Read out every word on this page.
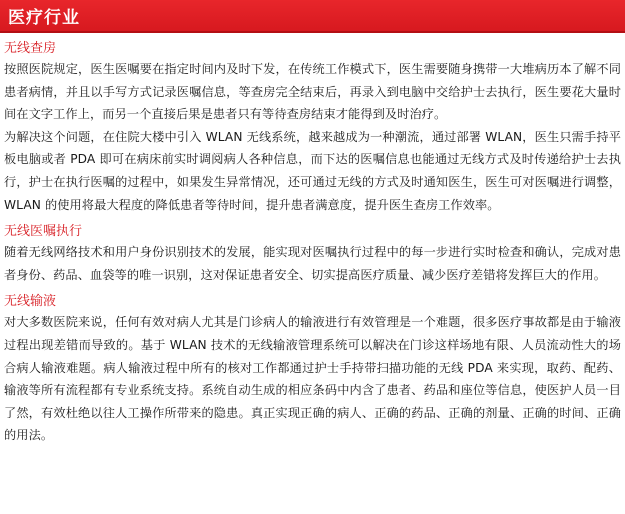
医疗行业
无线查房

按照医院规定，医生医嘱要在指定时间内及时下发，在传统工作模式下，医生需要随身携带一大堆病历本了解不同患者病情，并且以手写方式记录医嘱信息，等查房完全结束后，再录入到电脑中交给护士去执行，医生要花大量时间在文字工作上，而另一个直接后果是患者只有等待查房结束才能得到及时治疗。

为解决这个问题，在住院大楼中引入 WLAN 无线系统，越来越成为一种潮流，通过部署 WLAN，医生只需手持平板电脑或者 PDA 即可在病床前实时调阅病人各种信息，而下达的医嘱信息也能通过无线方式及时传递给护士去执行，护士在执行医嘱的过程中，如果发生异常情况，还可通过无线的方式及时通知医生，医生可对医嘱进行调整，WLAN 的使用将最大程度的降低患者等待时间，提升患者满意度，提升医生查房工作效率。

无线医嘱执行

随着无线网络技术和用户身份识别技术的发展，能实现对医嘱执行过程中的每一步进行实时检查和确认，完成对患者身份、药品、血袋等的唯一识别，这对保证患者安全、切实提高医疗质量、减少医疗差错将发挥巨大的作用。

无线输液

对大多数医院来说，任何有效对病人尤其是门诊病人的输液进行有效管理是一个难题，很多医疗事故都是由于输液过程出现差错而导致的。基于 WLAN 技术的无线输液管理系统可以解决在门诊这样场地有限、人员流动性大的场合病人输液难题。病人输液过程中所有的核对工作都通过护士手持带扫描功能的无线 PDA 来实现，取药、配药、输液等所有流程都有专业系统支持。系统自动生成的相应条码中内含了患者、药品和座位等信息，使医护人员一目了然，有效杜绝以往人工操作所带来的隐患。真正实现正确的病人、正确的药品、正确的剂量、正确的时间、正确的用法。
